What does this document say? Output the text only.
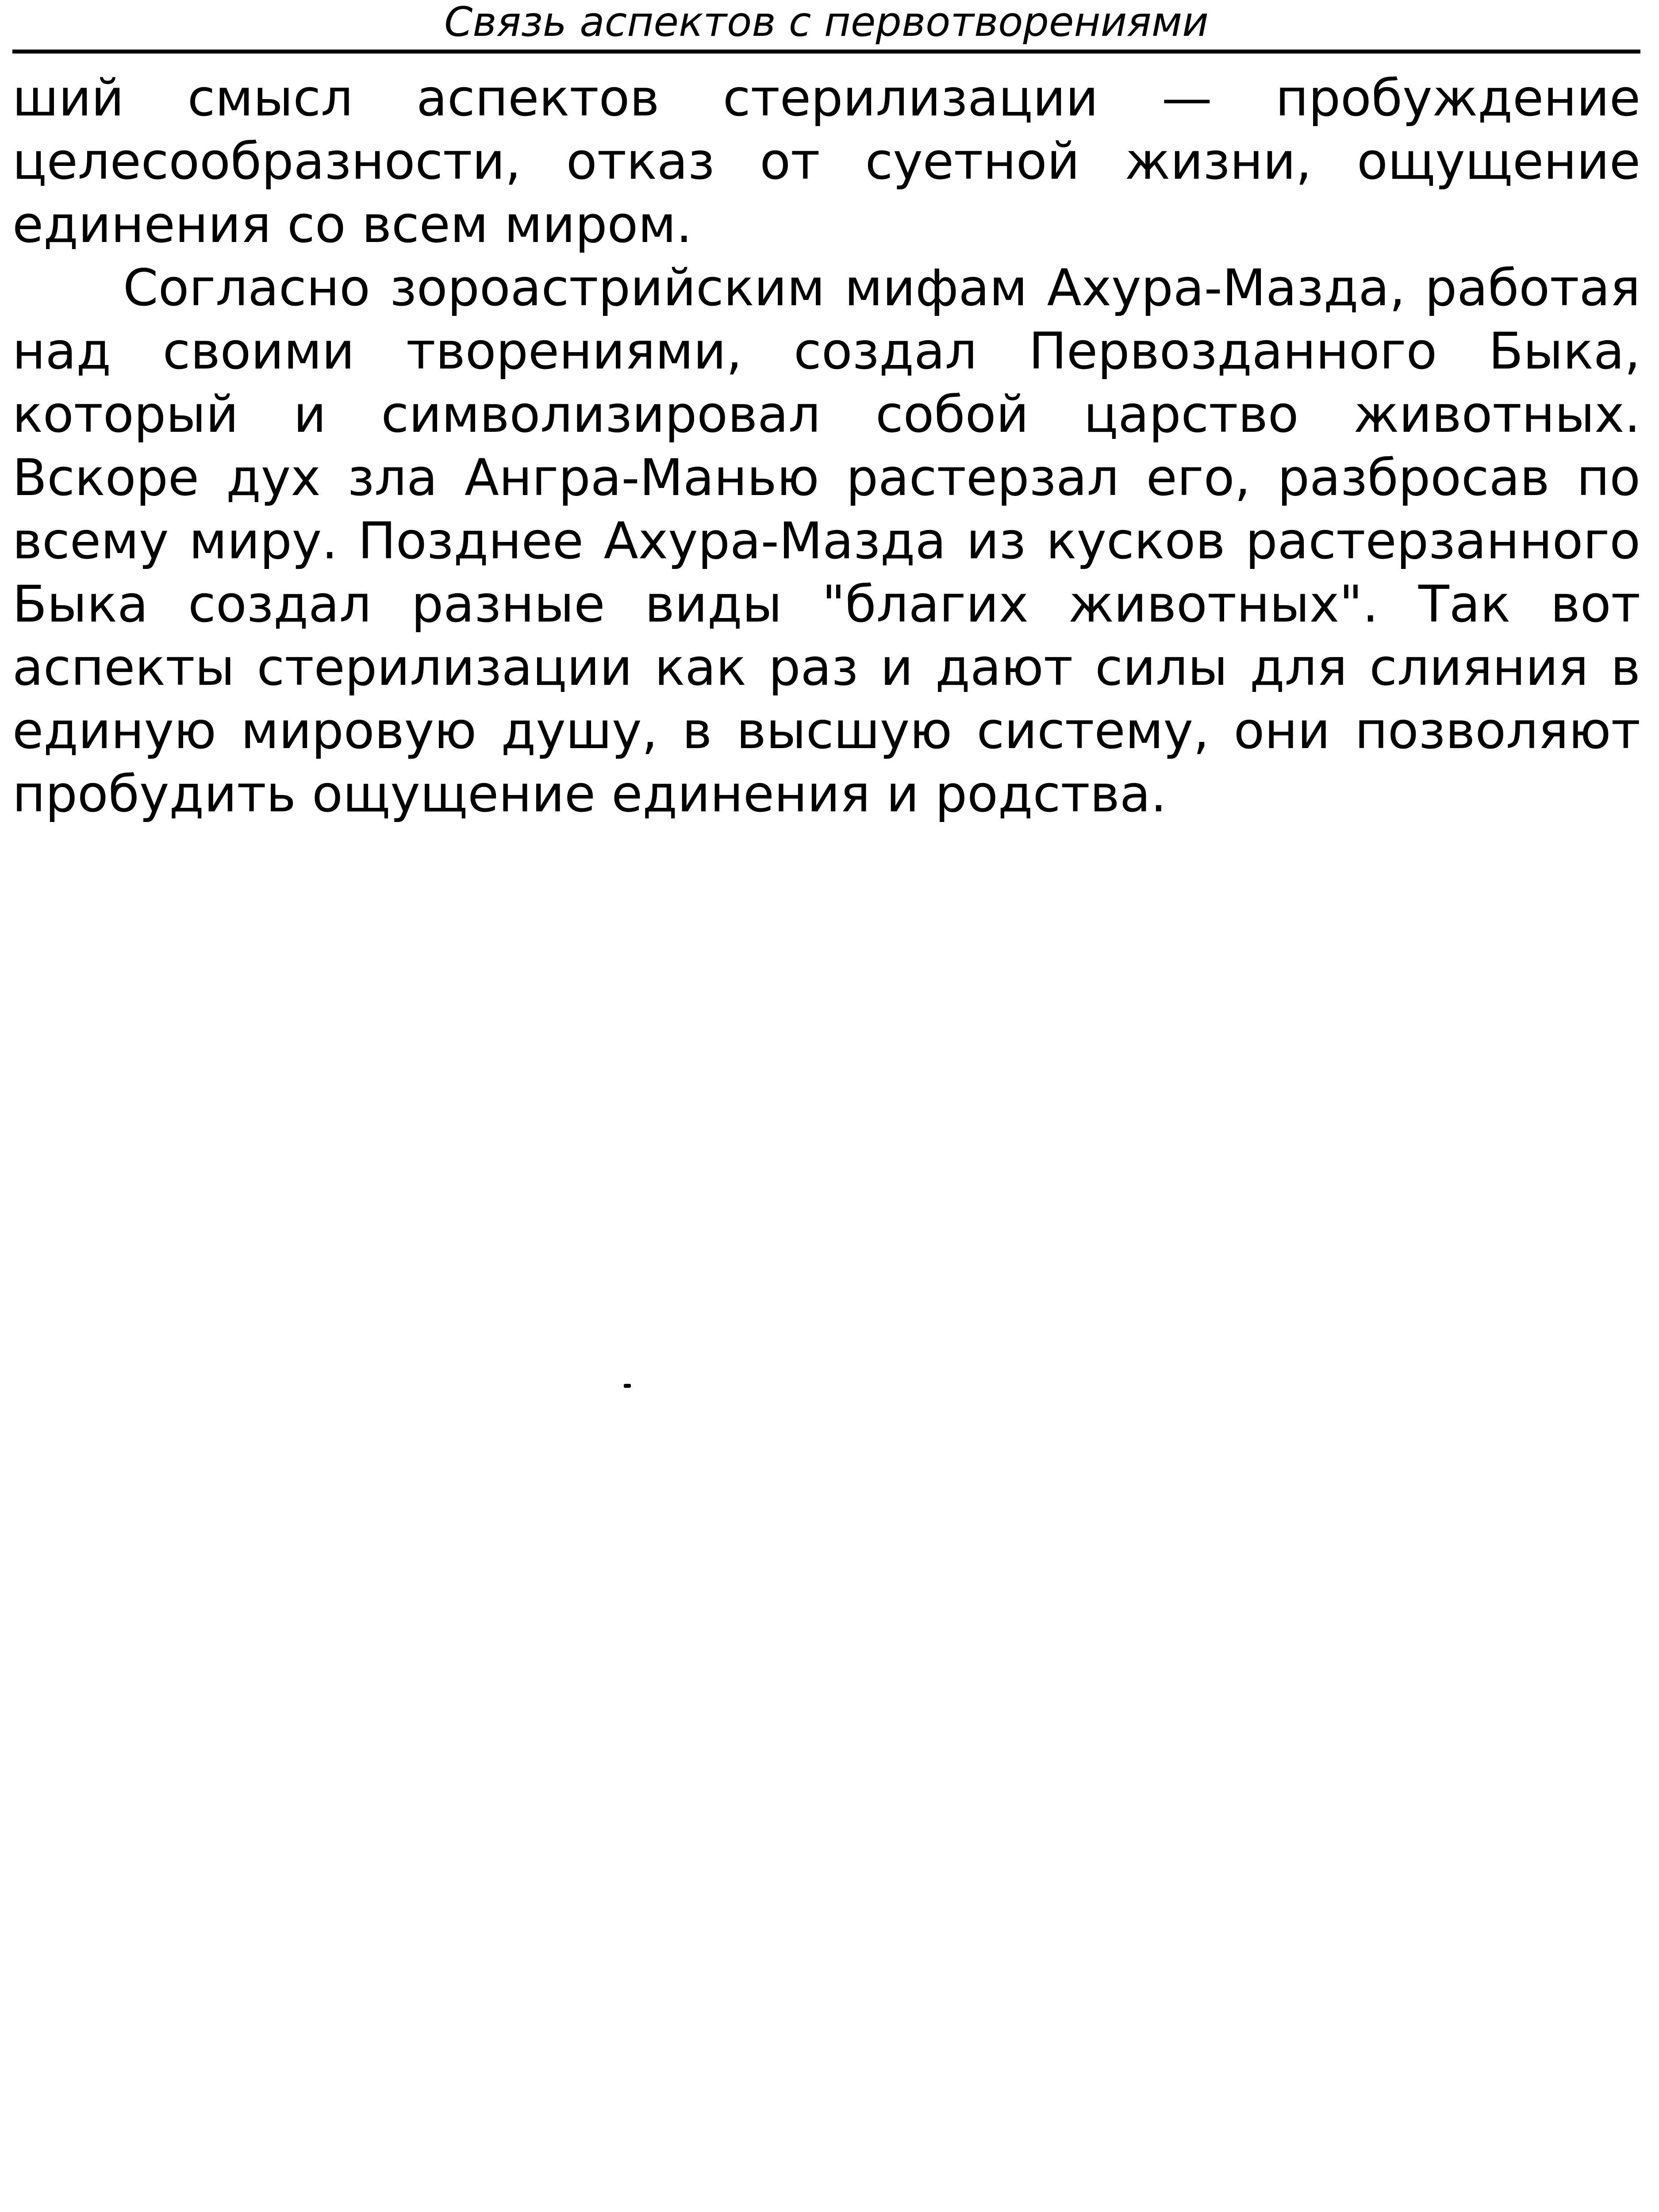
Связь аспектов с первотворениями

ший смысл аспектов стерилизации — пробуждение целесообразности, отказ от суетной жизни, ощущение единения со всем миром.

Согласно зороастрийским мифам Ахура-Мазда, работая над своими творениями, создал Первозданного Быка, который и символизировал собой царство животных. Вскоре дух зла Ангра-Манью растерзал его, разбросав по всему миру. Позднее Ахура-Мазда из кусков растерзанного Быка создал разные виды "благих животных". Так вот аспекты стерилизации как раз и дают силы для слияния в единую мировую душу, в высшую систему, они позволяют пробудить ощущение единения и родства.
